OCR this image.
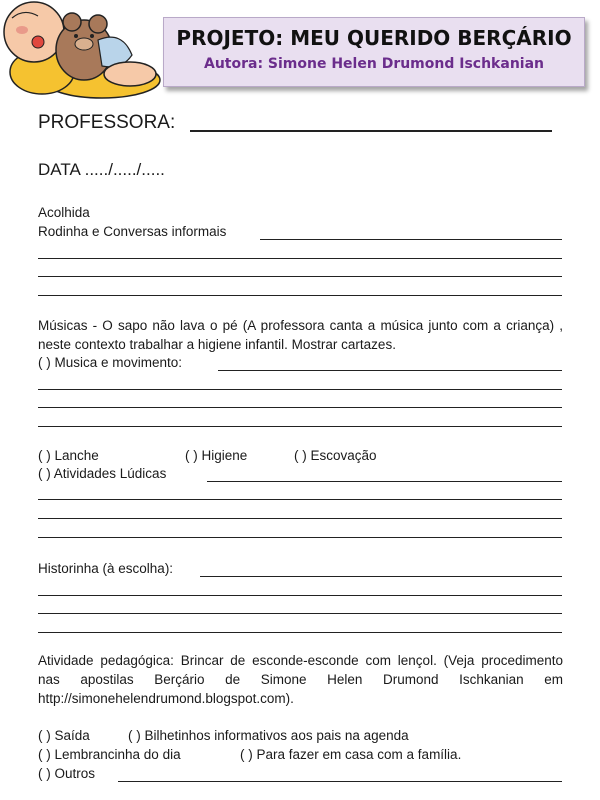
PROJETO: MEU QUERIDO BERÇÁRIO
Autora: Simone Helen Drumond Ischkanian
PROFESSORA:
DATA ...../...../.....
Acolhida
Rodinha e Conversas informais
Músicas - O sapo não lava o pé (A professora canta a música junto com a criança) , neste contexto trabalhar a higiene infantil. Mostrar cartazes.
( ) Musica e movimento:
( ) Lanche	( ) Higiene	( ) Escovação
( ) Atividades Lúdicas
Historinha (à escolha):
Atividade pedagógica: Brincar de esconde-esconde com lençol. (Veja procedimento nas apostilas Berçário de Simone Helen Drumond Ischkanian em http://simonehelendrumond.blogspot.com).
( ) Saída	( ) Bilhetinhos informativos aos pais na agenda
( ) Lembrancinha do dia	( ) Para fazer em casa com a família.
( ) Outros
